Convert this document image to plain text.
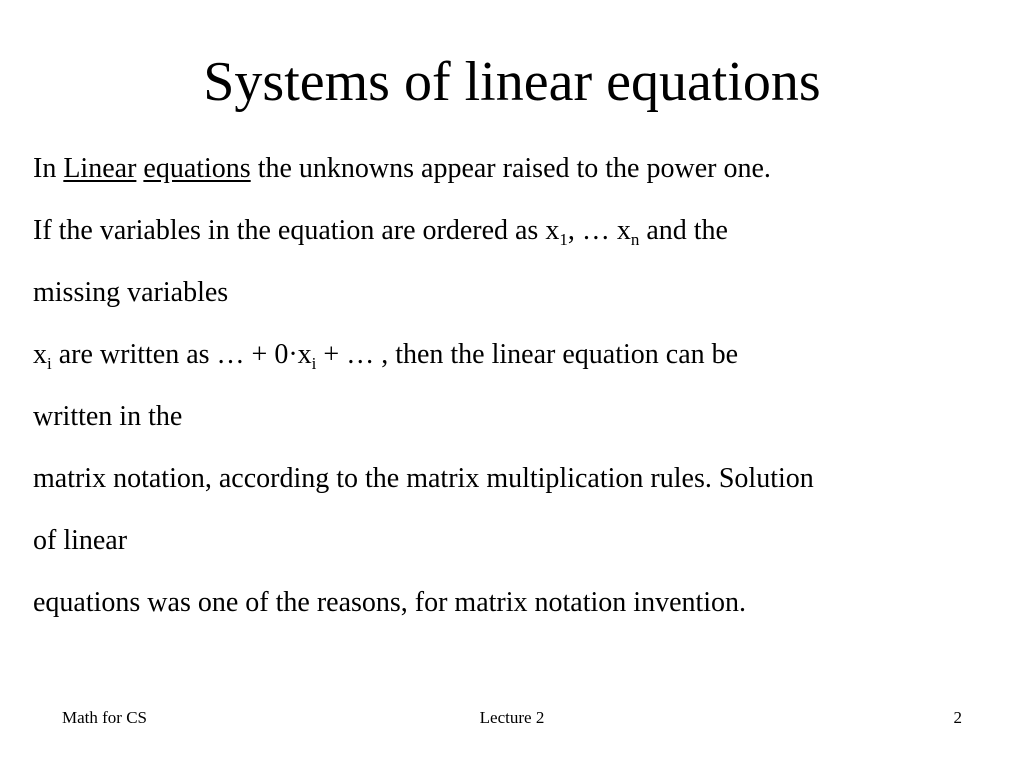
Systems of linear equations
In Linear equations the unknowns appear raised to the power one.
If the variables in the equation are ordered as $x_1$, … $x_n$ and the
missing variables
$x_i$ are written as … + $0\cdot x_i$ + … , then the linear equation can be
written in the
matrix notation, according to the matrix multiplication rules. Solution
of linear
equations was one of the reasons, for matrix notation invention.
Math for CS	Lecture 2	2
